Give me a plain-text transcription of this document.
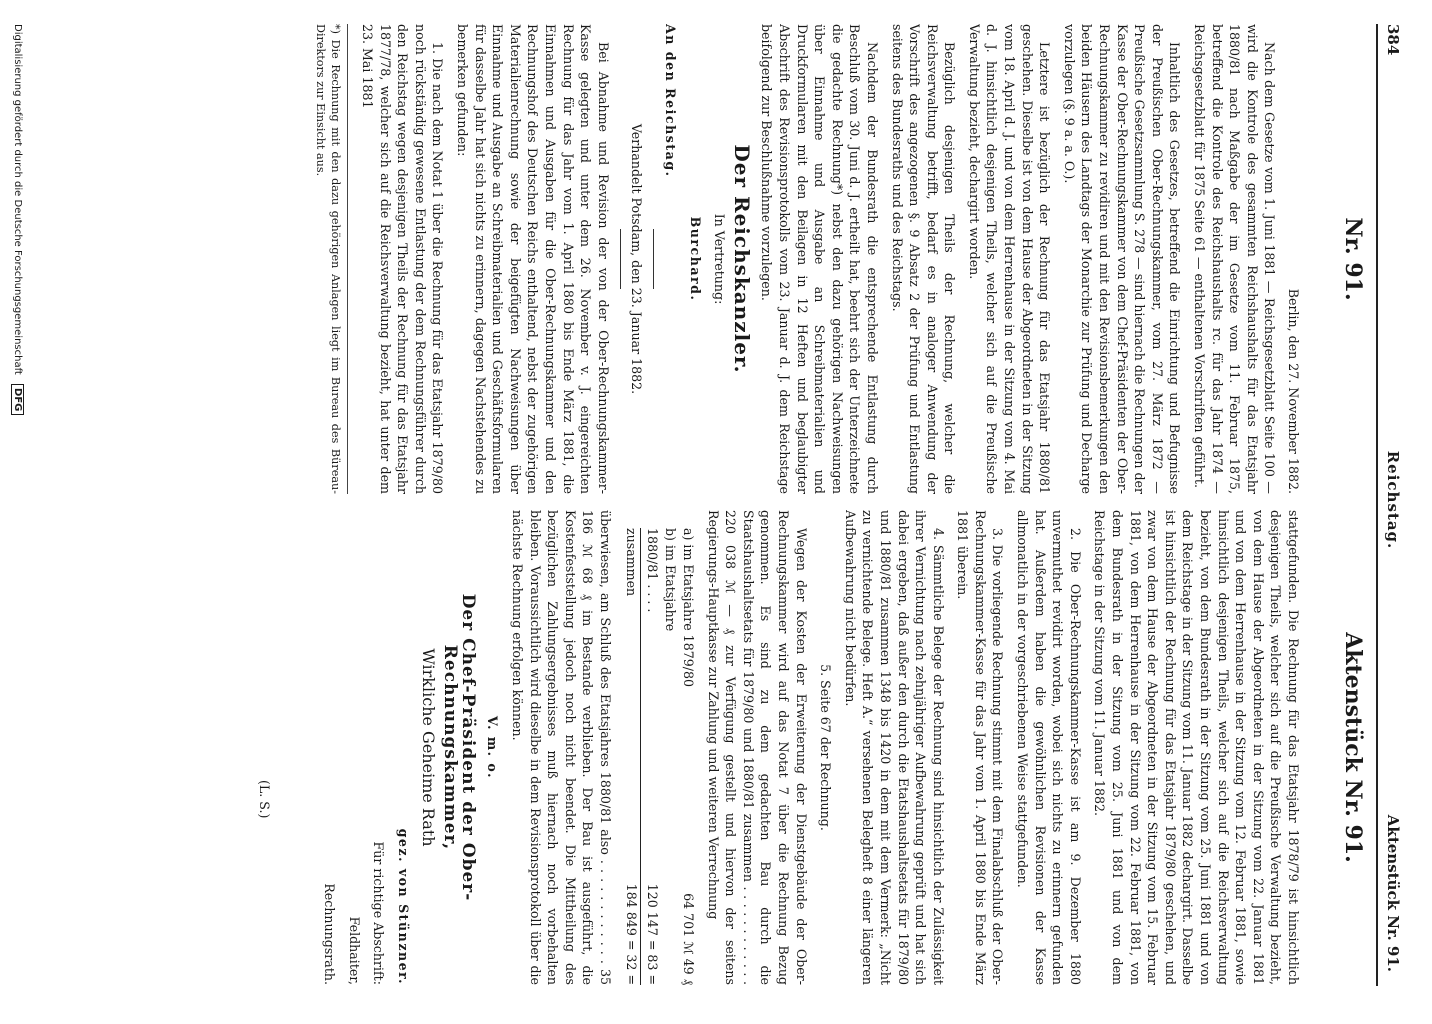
384
Reichstag.
Aktenstück Nr. 91.
Nr. 91.
Aktenstück Nr. 91.

Berlin, den 27. November 1882.

Nach dem Gesetze vom 1. Juni 1881 — Reichsgesetzblatt Seite 100 — wird die Kontrole des gesammten Reichshaushalts für das Etatsjahr 1880/81 nach Maßgabe der im Gesetze vom 11. Februar 1875, betreffend die Kontrole des Reichshaushalts rc. für das Jahr 1874 — Reichsgesetzblatt für 1875 Seite 61 — enthaltenen Vorschriften geführt.

Inhaltlich des Gesetzes, betreffend die Einrichtung und Befugnisse der Preußischen Ober-Rechnungskammer, vom 27. März 1872 — Preußische Gesetzsammlung S. 278 — sind hiernach die Rechnungen der Kasse der Ober-Rechnungskammer von dem Chef-Präsidenten der Ober-Rechnungskammer zu revidiren und mit den Revisionsbemerkungen den beiden Häusern des Landtags der Monarchie zur Prüfung und Decharge vorzulegen (§. 9 a. a. O.).

Letztere ist bezüglich der Rechnung für das Etatsjahr 1880/81 geschehen. Dieselbe ist von dem Hause der Abgeordneten in der Sitzung vom 18. April d. J. und von dem Herrenhause in der Sitzung vom 4. Mai d. J. hinsichtlich desjenigen Theils, welcher sich auf die Preußische Verwaltung bezieht, dechargirt worden.

Bezüglich desjenigen Theils der Rechnung, welcher die Reichsverwaltung betrifft, bedarf es in analoger Anwendung der Vorschrift des angezogenen §. 9 Absatz 2 der Prüfung und Entlastung seitens des Bundesraths und des Reichstags.

Nachdem der Bundesrath die entsprechende Entlastung durch Beschluß vom 30. Juni d. J. ertheilt hat, beehrt sich der Unterzeichnete die gedachte Rechnung*) nebst den dazu gehörigen Nachweisungen über Einnahme und Ausgabe an Schreibmaterialien und Druckformularen mit den Beilagen in 12 Heften und beglaubigter Abschrift des Revisionsprotokolls vom 23. Januar d. J. dem Reichstage beifolgend zur Beschlußnahme vorzulegen.

Der Reichskanzler.

In Vertretung:

Burchard.

An den Reichstag.

Verhandelt Potsdam, den 23. Januar 1882.

Bei Abnahme und Revision der von der Ober-Rechnungskammer-Kasse gelegten und unter dem 26. November v. J. eingereichten Rechnung für das Jahr vom 1. April 1880 bis Ende März 1881, die Einnahmen und Ausgaben für die Ober-Rechnungskammer und den Rechnungshof des Deutschen Reichs enthaltend, nebst der zugehörigen Materialienrechnung sowie der beigefügten Nachweisungen über Einnahme und Ausgabe an Schreibmaterialien und Geschäftsformularen für dasselbe Jahr hat sich nichts zu erinnern, dagegen Nachstehendes zu bemerken gefunden:

1. Die nach dem Notat 1 über die Rechnung für das Etatsjahr 1879/80 noch rückständig gewesene Entlastung der dem Rechnungsführer durch den Reichstag wegen desjenigen Theils der Rechnung für das Etatsjahr 1877/78, welcher sich auf die Reichsverwaltung bezieht, hat unter dem 23. Mai 1881

*) Die Rechnung mit den dazu gehörigen Anlagen liegt im Bureau des Büreau-Direktors zur Einsicht aus.

stattgefunden. Die Rechnung für das Etatsjahr 1878/79 ist hinsichtlich desjenigen Theils, welcher sich auf die Preußische Verwaltung bezieht, von dem Hause der Abgeordneten in der Sitzung vom 22. Januar 1881 und von dem Herrenhause in der Sitzung vom 12. Februar 1881, sowie hinsichtlich desjenigen Theils, welcher sich auf die Reichsverwaltung bezieht, von dem Bundesrath in der Sitzung vom 25. Juni 1881 und von dem Reichstage in der Sitzung vom 11. Januar 1882 dechargirt. Dasselbe ist hinsichtlich der Rechnung für das Etatsjahr 1879/80 geschehen, und zwar von dem Hause der Abgeordneten in der Sitzung vom 15. Februar 1881, von dem Herrenhause in der Sitzung vom 22. Februar 1881, von dem Bundesrath in der Sitzung vom 25. Juni 1881 und von dem Reichstage in der Sitzung vom 11. Januar 1882.

2. Die Ober-Rechnungskammer-Kasse ist am 9. Dezember 1880 unvermuthet revidirt worden, wobei sich nichts zu erinnern gefunden hat. Außerdem haben die gewöhnlichen Revisionen der Kasse allmonatlich in der vorgeschriebenen Weise stattgefunden.

3. Die vorliegende Rechnung stimmt mit dem Finalabschluß der Ober-Rechnungskammer-Kasse für das Jahr vom 1. April 1880 bis Ende März 1881 überein.

4. Sämmtliche Belege der Rechnung sind hinsichtlich der Zulässigkeit ihrer Vernichtung nach zehnjähriger Aufbewahrung geprüft und hat sich dabei ergeben, daß außer den durch die Etatshaushaltsetats für 1879/80 und 1880/81 zusammen 1348 bis 1420 in dem mit dem Vermerk: „Nicht zu vernichtende Belege. Heft A.“ versehenen Belegheft 8 einer längeren Aufbewahrung nicht bedürfen.

5. Seite 67 der Rechnung.

Wegen der Kosten der Erweiterung der Dienstgebäude der Ober-Rechnungskammer wird auf das Notat 7 über die Rechnung Bezug genommen. Es sind zu dem gedachten Bau durch die Staatshaushaltsetats für 1879/80 und 1880/81 zusammen . . . . . . . . . . . . 220 038 ℳ — ₰ zur Verfügung gestellt und hiervon der seitens Regierungs-Hauptkasse zur Zahlung und weiteren Verrechnung

a) im Etatsjahre 1879/80
64 701 ℳ 49 ₰
b) im Etatsjahre
1880/81 . . . .
120 147 = 83 =
zusammen
184 849 = 32 =

überwiesen, am Schluß des Etatsjahres 1880/81 also . . . . . . . . . . . . 35 186 ℳ 68 ₰ im Bestande verblieben. Der Bau ist ausgeführt, die Kostenfeststellung jedoch noch nicht beendet. Die Mittheilung des bezüglichen Zahlungsergebnisses muß hiernach noch vorbehalten bleiben. Voraussichtlich wird dieselbe in dem Revisionsprotokoll über die nächste Rechnung erfolgen können.

V. m. o.

Der Chef-Präsident der Ober-Rechnungskammer,

Wirkliche Geheime Rath

gez. von Stünzner.

Für richtige Abschrift:

Feldhaiter,

Rechnungsrath.

(L. S.)
Digitalisierung gefördert durch die Deutsche Forschungsgemeinschaft DFG
